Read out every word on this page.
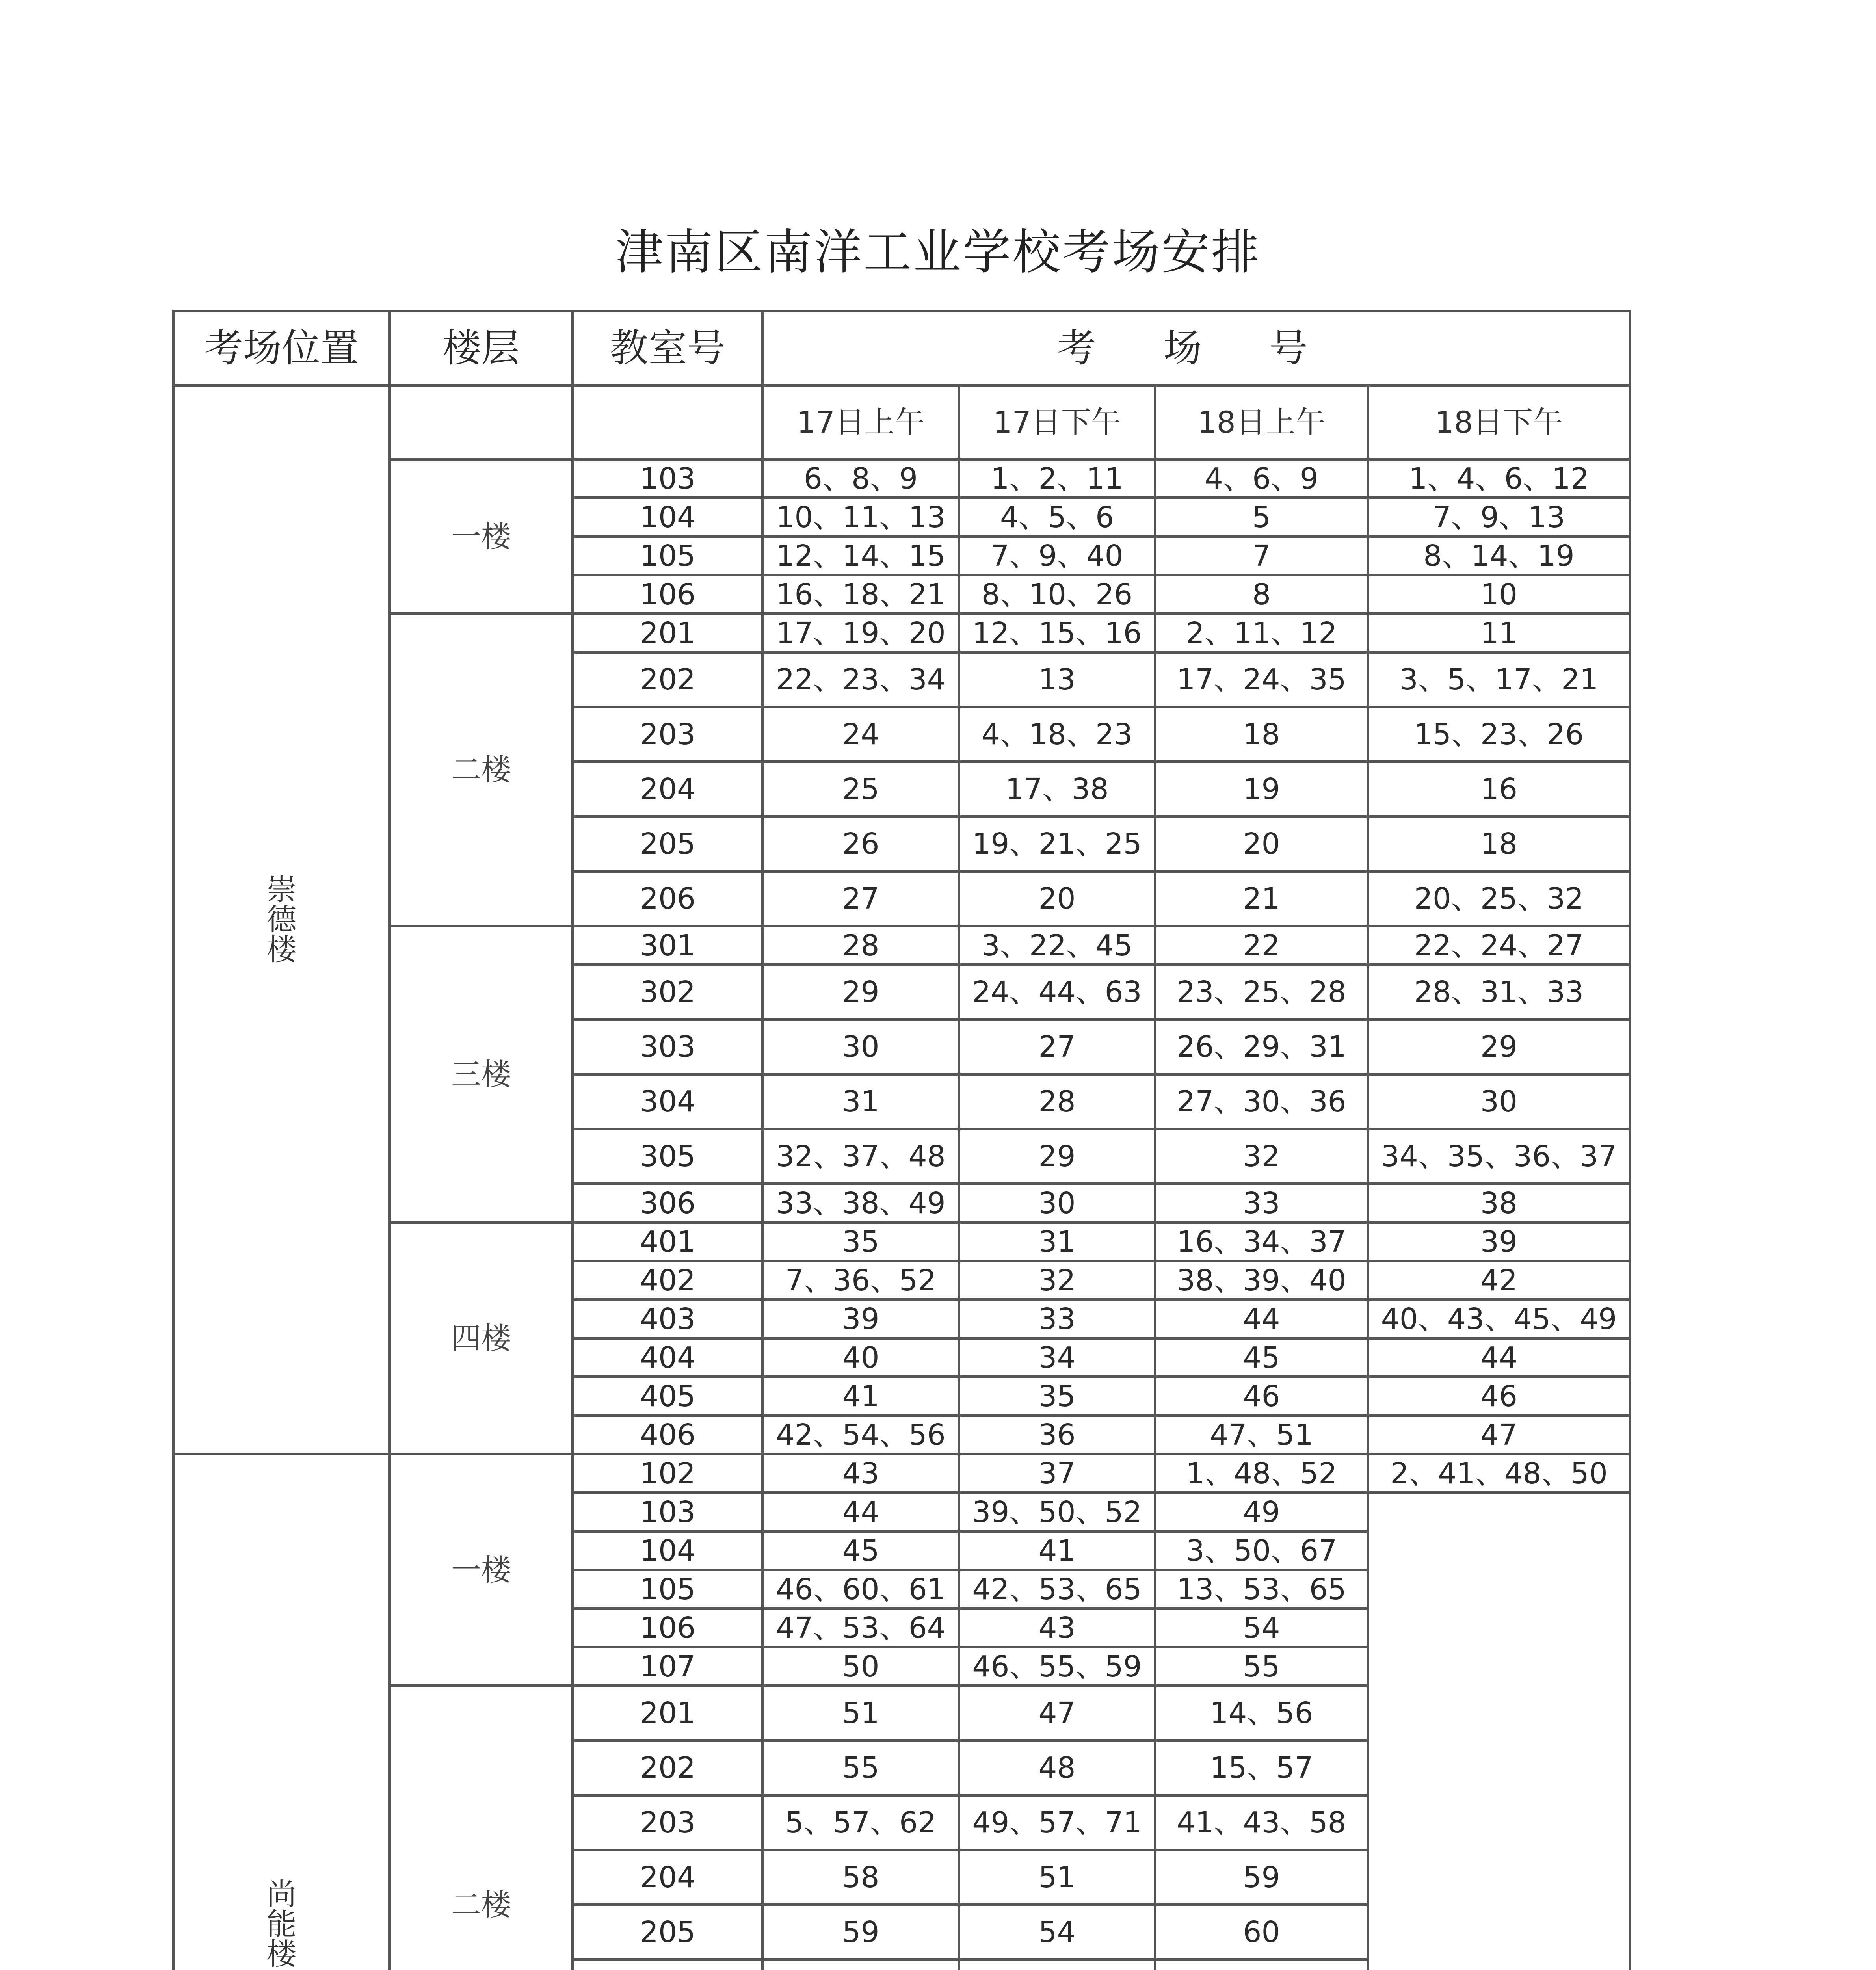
津南区南洋工业学校考场安排
考场位置	楼层	教室号	考 场 号			
崇
德
楼			17日上午	17日下午	18日上午	18日下午
	一楼	103	6、8、9	1、2、11	4、6、9	1、4、6、12
		104	10、11、13	4、5、6	5	7、9、13
		105	12、14、15	7、9、40	7	8、14、19
		106	16、18、21	8、10、26	8	10
	二楼	201	17、19、20	12、15、16	2、11、12	11
		202	22、23、34	13	17、24、35	3、5、17、21
		203	24	4、18、23	18	15、23、26
		204	25	17、38	19	16
		205	26	19、21、25	20	18
		206	27	20	21	20、25、32
	三楼	301	28	3、22、45	22	22、24、27
		302	29	24、44、63	23、25、28	28、31、33
		303	30	27	26、29、31	29
		304	31	28	27、30、36	30
		305	32、37、48	29	32	34、35、36、37
		306	33、38、49	30	33	38
	四楼	401	35	31	16、34、37	39
		402	7、36、52	32	38、39、40	42
		403	39	33	44	40、43、45、49
		404	40	34	45	44
		405	41	35	46	46
		406	42、54、56	36	47、51	47
尚
能
楼	一楼	102	43	37	1、48、52	2、41、48、50
		103	44	39、50、52	49	
		104	45	41	3、50、67	
		105	46、60、61	42、53、65	13、53、65	
		106	47、53、64	43	54	
		107	50	46、55、59	55	
	二楼	201	51	47	14、56	
		202	55	48	15、57	
		203	5、57、62	49、57、71	41、43、58	
		204	58	51	59	
		205	59	54	60	
